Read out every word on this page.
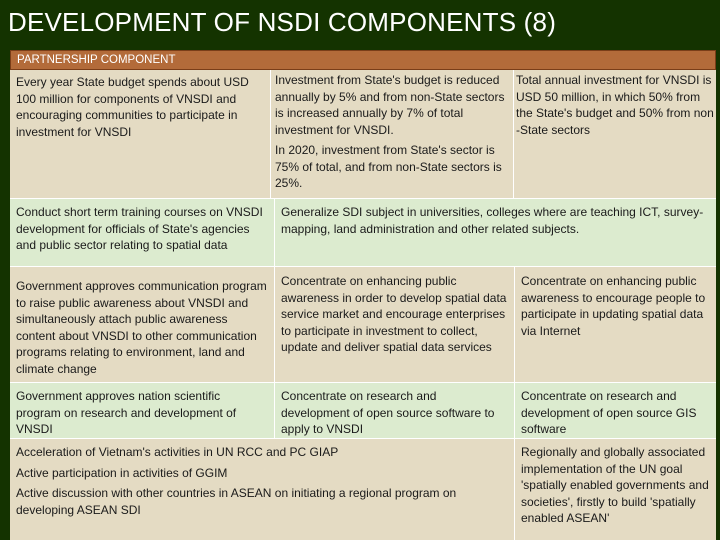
DEVELOPMENT OF NSDI COMPONENTS (8)
PARTNERSHIP COMPONENT

Every year State budget spends about USD 100 million for components of VNSDI and encouraging communities to participate in investment for VNSDI

Investment from State's budget is reduced annually by 5% and from non-State sectors is increased annually by 7% of total investment for VNSDI.

In 2020, investment from State's sector is 75% of total, and from non-State sectors is 25%.

Total annual investment for VNSDI is USD 50 million, in which 50% from the State's budget and 50% from non -State sectors

Conduct short term training courses on VNSDI development for officials of State's agencies and public sector relating to spatial data

Generalize SDI subject in universities, colleges where are teaching ICT, survey-mapping, land administration and other related subjects.

Government approves communication program to raise public awareness about VNSDI and simultaneously attach public awareness content about VNSDI to other communication programs relating to environment, land and climate change

Concentrate on enhancing public awareness in order to develop spatial data service market and encourage enterprises to participate in investment to collect, update and deliver spatial data services

Concentrate on enhancing public awareness to encourage people to participate in updating spatial data via Internet

Government approves nation scientific program on research and development of VNSDI

Concentrate on research and development of open source software to apply to VNSDI

Concentrate on research and development of open source GIS software

Acceleration of Vietnam's activities in UN RCC and PC GIAP

Active participation in activities of GGIM

Active discussion with other countries in ASEAN on initiating a regional program on developing ASEAN SDI

Regionally and globally associated implementation of the UN goal 'spatially enabled governments and societies', firstly to build 'spatially enabled ASEAN'
